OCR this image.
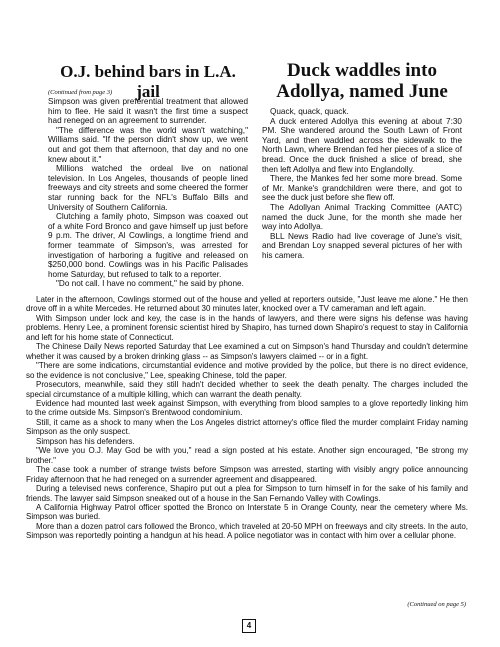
O.J. behind bars in L.A. jail
(Continued from page 3)

Simpson was given preferential treatment that allowed him to flee. He said it wasn't the first time a suspect had reneged on an agreement to surrender.

"The difference was the world wasn't watching," Williams said. "If the person didn't show up, we went out and got them that afternoon, that day and no one knew about it."

Millions watched the ordeal live on national television. In Los Angeles, thousands of people lined freeways and city streets and some cheered the former star running back for the NFL's Buffalo Bills and University of Southern California.

Clutching a family photo, Simpson was coaxed out of a white Ford Bronco and gave himself up just before 9 p.m. The driver, Al Cowlings, a longtime friend and former teammate of Simpson's, was arrested for investigation of harboring a fugitive and released on $250,000 bond. Cowlings was in his Pacific Palisades home Saturday, but refused to talk to a reporter.

"Do not call. I have no comment," he said by phone.

Duck waddles into Adollya, named June

Quack, quack, quack.

A duck entered Adollya this evening at about 7:30 PM. She wandered around the South Lawn of Front Yard, and then waddled across the sidewalk to the North Lawn, where Brendan fed her pieces of a slice of bread. Once the duck finished a slice of bread, she then left Adollya and flew into Englandolly.

There, the Mankes fed her some more bread. Some of Mr. Manke's grandchildren were there, and got to see the duck just before she flew off.

The Adollyan Animal Tracking Committee (AATC) named the duck June, for the month she made her way into Adollya.

BLL News Radio had live coverage of June's visit, and Brendan Loy snapped several pictures of her with his camera.

Later in the afternoon, Cowlings stormed out of the house and yelled at reporters outside, "Just leave me alone." He then drove off in a white Mercedes. He returned about 30 minutes later, knocked over a TV cameraman and left again.

With Simpson under lock and key, the case is in the hands of lawyers, and there were signs his defense was having problems. Henry Lee, a prominent forensic scientist hired by Shapiro, has turned down Shapiro's request to stay in California and left for his home state of Connecticut.

The Chinese Daily News reported Saturday that Lee examined a cut on Simpson's hand Thursday and couldn't determine whether it was caused by a broken drinking glass -- as Simpson's lawyers claimed -- or in a fight.

"There are some indications, circumstantial evidence and motive provided by the police, but there is no direct evidence, so the evidence is not conclusive," Lee, speaking Chinese, told the paper.

Prosecutors, meanwhile, said they still hadn't decided whether to seek the death penalty. The charges included the special circumstance of a multiple killing, which can warrant the death penalty.

Evidence had mounted last week against Simpson, with everything from blood samples to a glove reportedly linking him to the crime outside Ms. Simpson's Brentwood condominium.

Still, it came as a shock to many when the Los Angeles district attorney's office filed the murder complaint Friday naming Simpson as the only suspect.

Simpson has his defenders.

"We love you O.J. May God be with you," read a sign posted at his estate. Another sign encouraged, "Be strong my brother."

The case took a number of strange twists before Simpson was arrested, starting with visibly angry police announcing Friday afternoon that he had reneged on a surrender agreement and disappeared.

During a televised news conference, Shapiro put out a plea for Simpson to turn himself in for the sake of his family and friends. The lawyer said Simpson sneaked out of a house in the San Fernando Valley with Cowlings.

A California Highway Patrol officer spotted the Bronco on Interstate 5 in Orange County, near the cemetery where Ms. Simpson was buried.

More than a dozen patrol cars followed the Bronco, which traveled at 20-50 MPH on freeways and city streets. In the auto, Simpson was reportedly pointing a handgun at his head. A police negotiator was in contact with him over a cellular phone.

(Continued on page 5)
4
